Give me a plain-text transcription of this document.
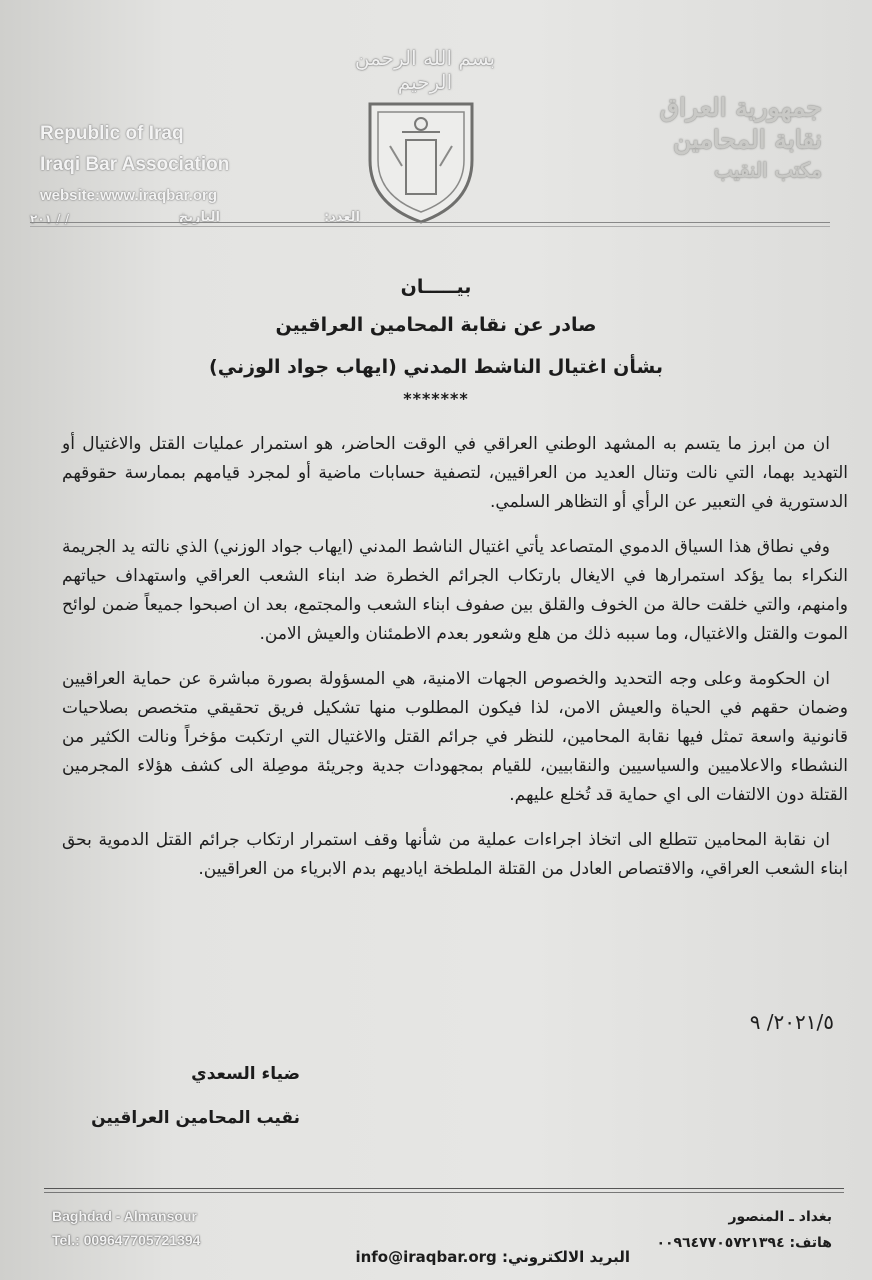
بسم الله الرحمن الرحيم
Republic of Iraq
Iraqi Bar Association
website:www.iraqbar.org
جمهورية العراق
نقابة المحامين
مكتب النقيب
العدد:
التاريخ
٢٠١ / /
بيـــــان
صادر عن نقابة المحامين العراقيين
بشأن اغتيال الناشط المدني (ايهاب جواد الوزني)
*******

ان من ابرز ما يتسم به المشهد الوطني العراقي في الوقت الحاضر، هو استمرار عمليات القتل والاغتيال أو التهديد بهما، التي نالت وتنال العديد من العراقيين، لتصفية حسابات ماضية أو لمجرد قيامهم بممارسة حقوقهم الدستورية في التعبير عن الرأي أو التظاهر السلمي.

وفي نطاق هذا السياق الدموي المتصاعد يأتي اغتيال الناشط المدني (ايهاب جواد الوزني) الذي نالته يد الجريمة النكراء بما يؤكد استمرارها في الايغال بارتكاب الجرائم الخطرة ضد ابناء الشعب العراقي واستهداف حياتهم وامنهم، والتي خلقت حالة من الخوف والقلق بين صفوف ابناء الشعب والمجتمع، بعد ان اصبحوا جميعاً ضمن لوائح الموت والقتل والاغتيال، وما سببه ذلك من هلع وشعور بعدم الاطمئنان والعيش الامن.

ان الحكومة وعلى وجه التحديد والخصوص الجهات الامنية، هي المسؤولة بصورة مباشرة عن حماية العراقيين وضمان حقهم في الحياة والعيش الامن، لذا فيكون المطلوب منها تشكيل فريق تحقيقي متخصص بصلاحيات قانونية واسعة تمثل فيها نقابة المحامين، للنظر في جرائم القتل والاغتيال التي ارتكبت مؤخراً ونالت الكثير من النشطاء والاعلاميين والسياسيين والنقابيين، للقيام بمجهودات جدية وجريئة موصِلة الى كشف هؤلاء المجرمين القتلة دون الالتفات الى اي حماية قد تُخلع عليهم.

ان نقابة المحامين تتطلع الى اتخاذ اجراءات عملية من شأنها وقف استمرار ارتكاب جرائم القتل الدموية بحق ابناء الشعب العراقي، والاقتصاص العادل من القتلة الملطخة اياديهم بدم الابرياء من العراقيين.

٢٠٢١/٥/ ٩
ضياء السعدي
نقيب المحامين العراقيين
Baghdad - Almansour
Tel.: 009647705721394
بغداد ـ المنصور
هاتف: ٠٠٩٦٤٧٧٠٥٧٢١٣٩٤
البريد الالكتروني: info@iraqbar.org
